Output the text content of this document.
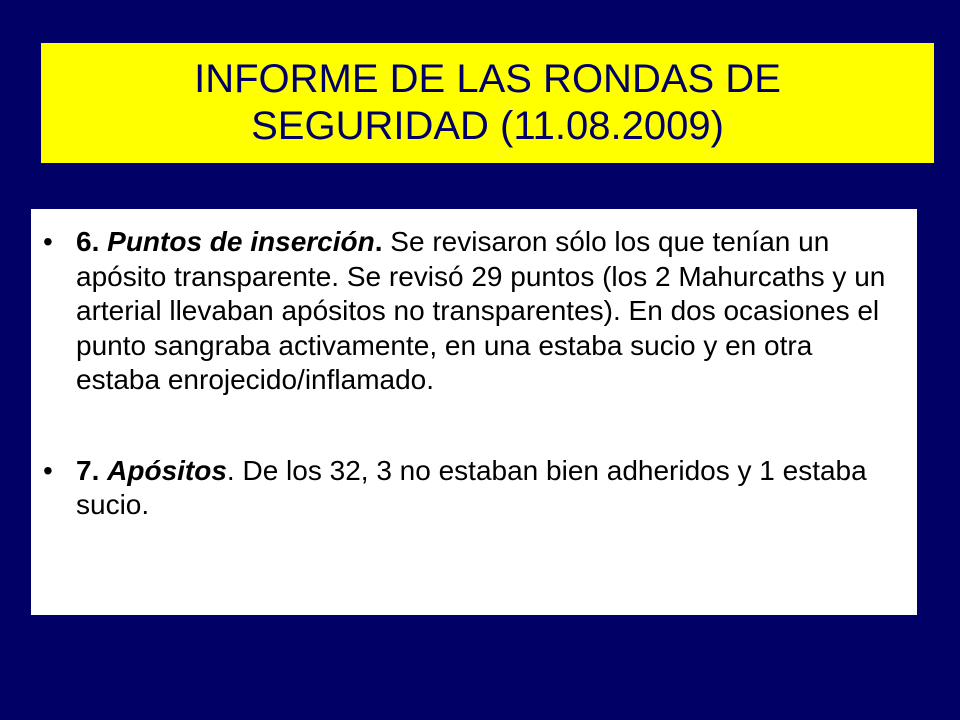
INFORME DE LAS RONDAS DE SEGURIDAD (11.08.2009)

• 6. Puntos de inserción. Se revisaron sólo los que tenían un apósito transparente. Se revisó 29 puntos (los 2 Mahurcaths y un arterial llevaban apósitos no transparentes). En dos ocasiones el punto sangraba activamente, en una estaba sucio y en otra estaba enrojecido/inflamado.

• 7. Apósitos. De los 32, 3 no estaban bien adheridos y 1 estaba sucio.
